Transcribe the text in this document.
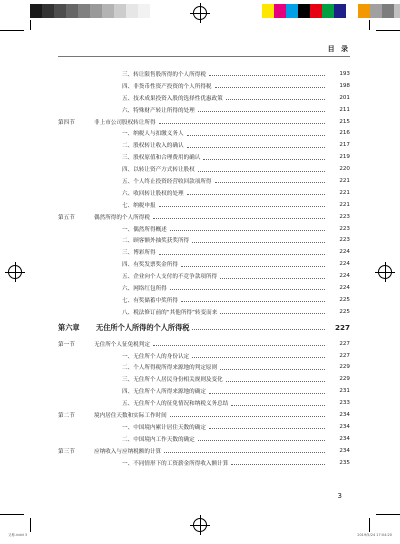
目 录
三、转让限售股所得的个人所得税	193
四、非货币性资产投资的个人所得税	198
五、技术成果投资入股的选择性优惠政策	201
六、特殊财产转让所得的处理	211
第四节	非上市公司股权转让所得	215
一、纳税人与扣缴义务人	216
二、股权转让收入的确认	217
三、股权原值和合理费用的确认	219
四、以转让资产方式转让股权	220
五、个人终止投资经营收回款项所得	221
六、收回转让股权的处理	221
七、纳税申报	221
第五节	偶然所得的个人所得税	223
一、偶然所得概述	223
二、顾客额外抽奖获奖所得	223
三、博彩所得	224
四、有奖发票奖金所得	224
五、企业向个人支付的不竞争款项所得	224
六、网络红包所得	224
七、有奖储蓄中奖所得	225
八、税法修订前的“其他所得”转变而来	225
第六章	无住所个人所得的个人所得税	227
第一节	无住所个人征免税判定	227
一、无住所个人的身份认定	227
二、个人所得税所得来源地的判定原则	229
三、无住所个人居民身份相关规则及变化	229
四、无住所个人所得来源地的确定	231
五、无住所个人的征免情况和纳税义务总结	233
第二节	境内居住天数和实际工作时间	234
一、中国境内累计居住天数的确定	234
二、中国境内工作天数的确定	234
第三节	应纳收入与应纳税额的计算	234
一、不同情形下的工资薪金所得收入额计算	235
3
又称.indd 3	2019/5/24 17:04:20
